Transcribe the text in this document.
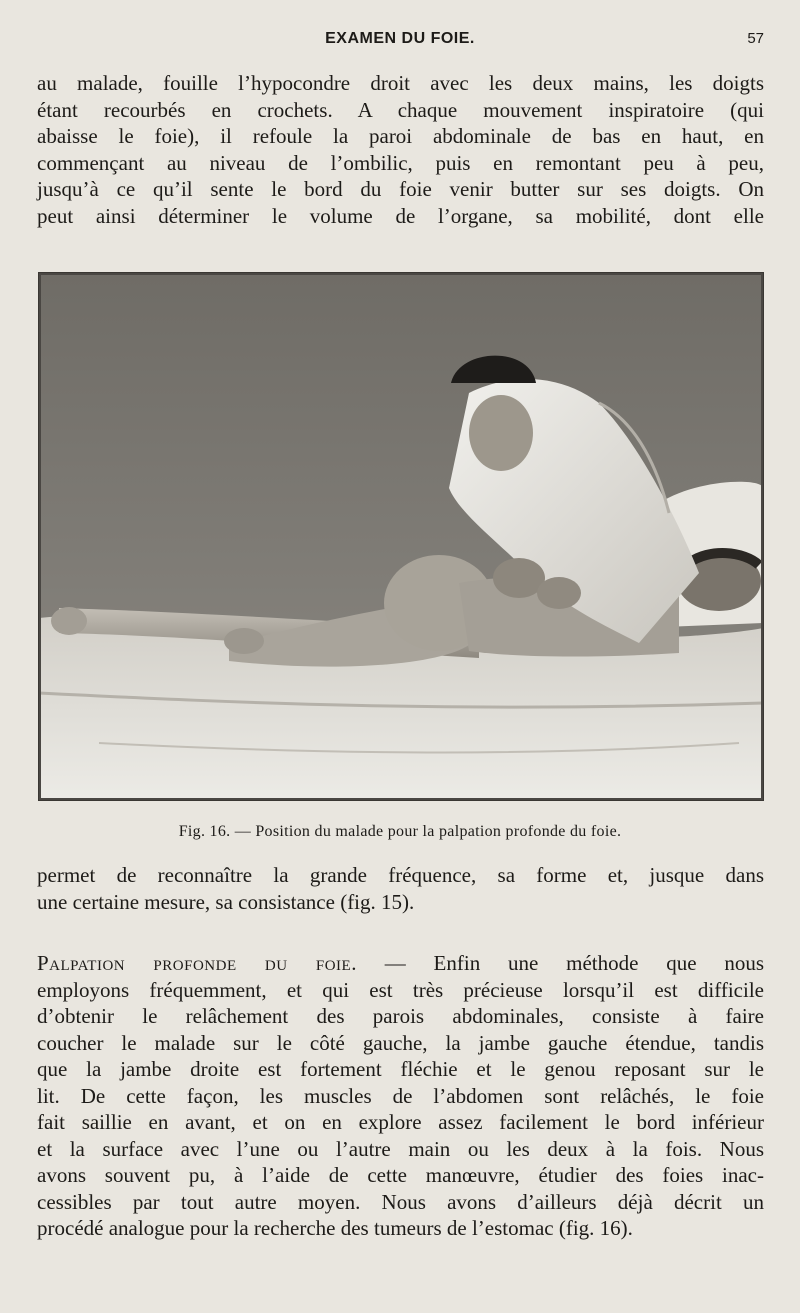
EXAMEN DU FOIE.	57
au malade, fouille l’hypocondre droit avec les deux mains, les doigts
étant recourbés en crochets. A chaque mouvement inspiratoire (qui
abaisse le foie), il refoule la paroi abdominale de bas en haut, en
commençant au niveau de l’ombilic, puis en remontant peu à peu,
jusqu’à ce qu’il sente le bord du foie venir butter sur ses doigts. On
peut ainsi déterminer le volume de l’organe, sa mobilité, dont elle
Fig. 16. — Position du malade pour la palpation profonde du foie.
permet de reconnaître la grande fréquence, sa forme et, jusque dans
une certaine mesure, sa consistance (fig. 15).
Palpation profonde du foie. — Enfin une méthode que nous
employons fréquemment, et qui est très précieuse lorsqu’il est difficile
d’obtenir le relâchement des parois abdominales, consiste à faire
coucher le malade sur le côté gauche, la jambe gauche étendue, tandis
que la jambe droite est fortement fléchie et le genou reposant sur le
lit. De cette façon, les muscles de l’abdomen sont relâchés, le foie
fait saillie en avant, et on en explore assez facilement le bord inférieur
et la surface avec l’une ou l’autre main ou les deux à la fois. Nous
avons souvent pu, à l’aide de cette manœuvre, étudier des foies inac-
cessibles par tout autre moyen. Nous avons d’ailleurs déjà décrit un
procédé analogue pour la recherche des tumeurs de l’estomac (fig. 16).
